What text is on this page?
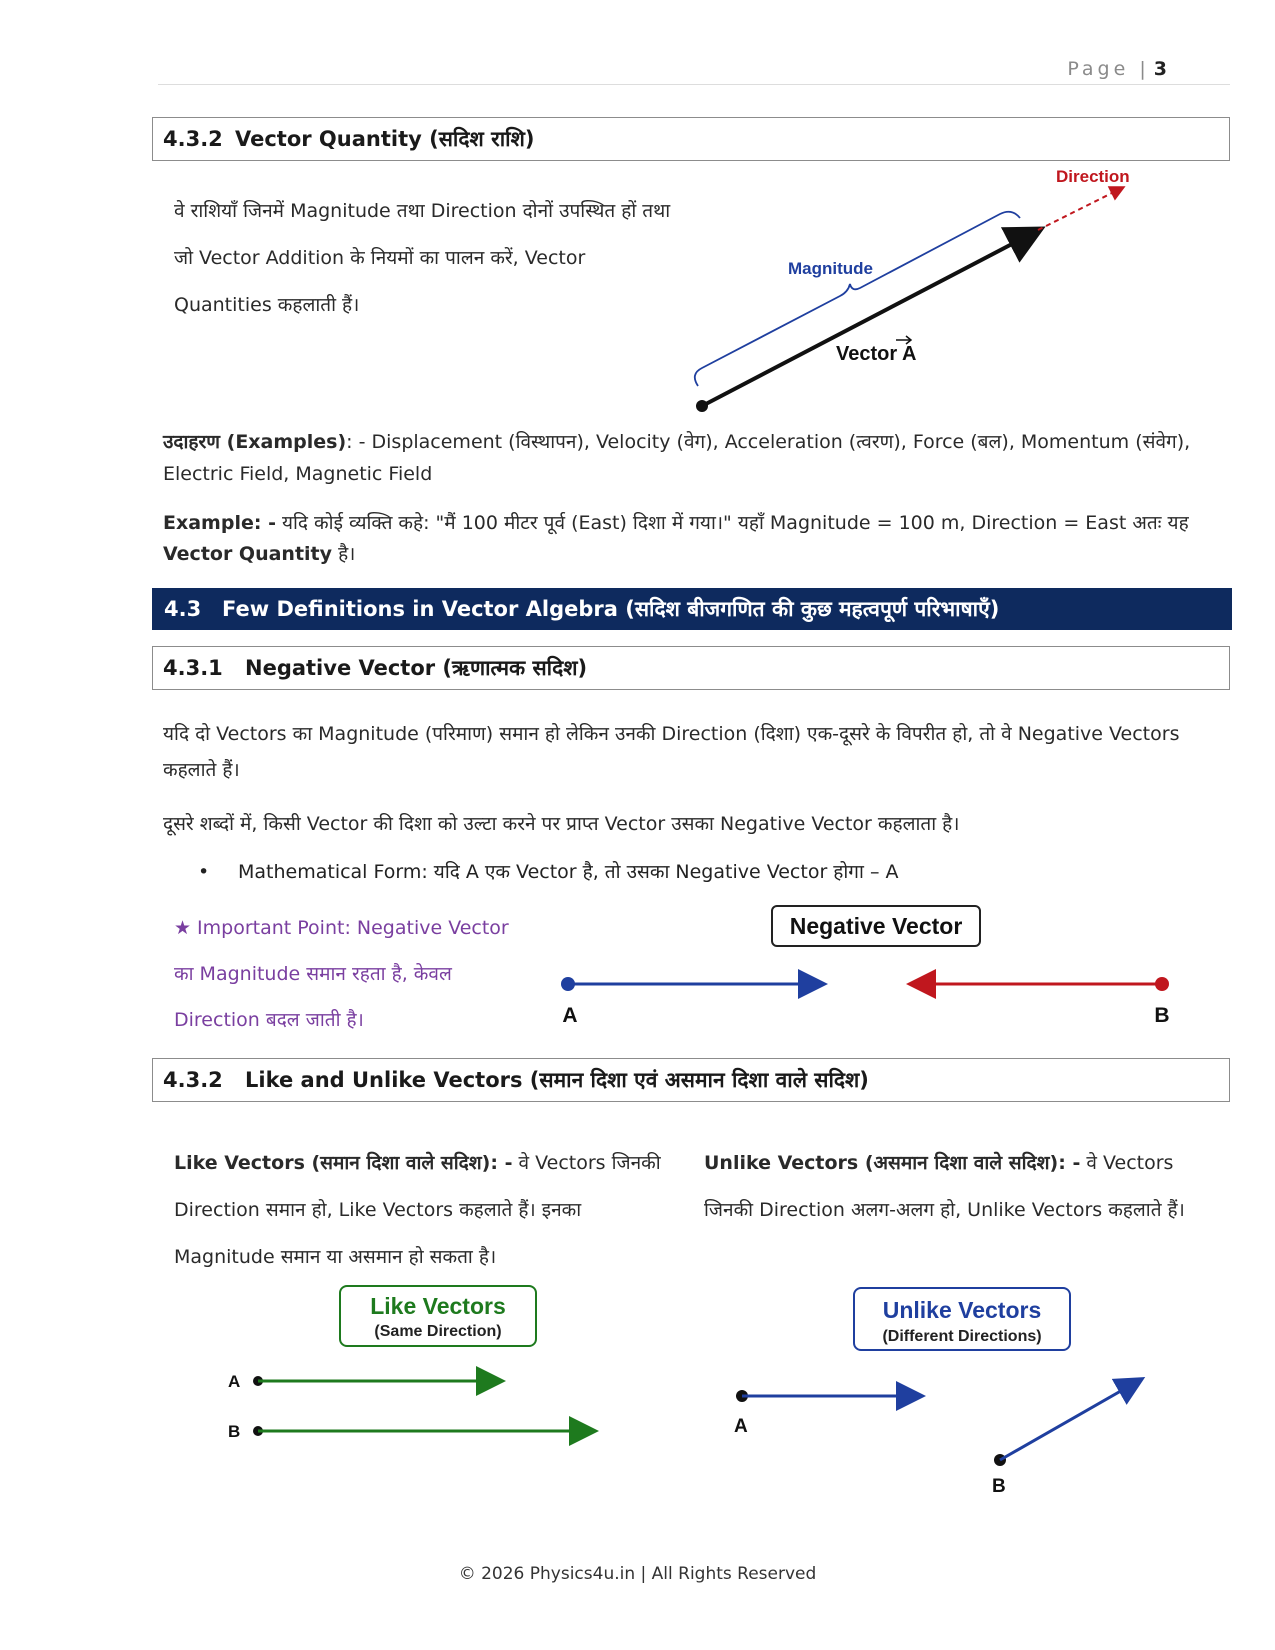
Page | 3
4.3.2 Vector Quantity (सदिश राशि)
वे राशियाँ जिनमें Magnitude तथा Direction दोनों उपस्थित हों तथा जो Vector Addition के नियमों का पालन करें, Vector Quantities कहलाती हैं।
Direction
Magnitude
Vector A
उदाहरण (Examples): - Displacement (विस्थापन), Velocity (वेग), Acceleration (त्वरण), Force (बल), Momentum (संवेग), Electric Field, Magnetic Field
Example: - यदि कोई व्यक्ति कहे: "मैं 100 मीटर पूर्व (East) दिशा में गया।" यहाँ Magnitude = 100 m, Direction = East अतः यह Vector Quantity है।
4.3 Few Definitions in Vector Algebra (सदिश बीजगणित की कुछ महत्वपूर्ण परिभाषाएँ)
4.3.1 Negative Vector (ऋणात्मक सदिश)
यदि दो Vectors का Magnitude (परिमाण) समान हो लेकिन उनकी Direction (दिशा) एक-दूसरे के विपरीत हो, तो वे Negative Vectors कहलाते हैं।
दूसरे शब्दों में, किसी Vector की दिशा को उल्टा करने पर प्राप्त Vector उसका Negative Vector कहलाता है।
• Mathematical Form: यदि A एक Vector है, तो उसका Negative Vector होगा – A
★ Important Point: Negative Vector का Magnitude समान रहता है, केवल Direction बदल जाती है।
Negative Vector
A	B
4.3.2 Like and Unlike Vectors (समान दिशा एवं असमान दिशा वाले सदिश)
Like Vectors (समान दिशा वाले सदिश): - वे Vectors जिनकी Direction समान हो, Like Vectors कहलाते हैं। इनका Magnitude समान या असमान हो सकता है।
Unlike Vectors (असमान दिशा वाले सदिश): - वे Vectors जिनकी Direction अलग-अलग हो, Unlike Vectors कहलाते हैं।
Like Vectors
(Same Direction)
A
B
Unlike Vectors
(Different Directions)
A
B
© 2026 Physics4u.in | All Rights Reserved
